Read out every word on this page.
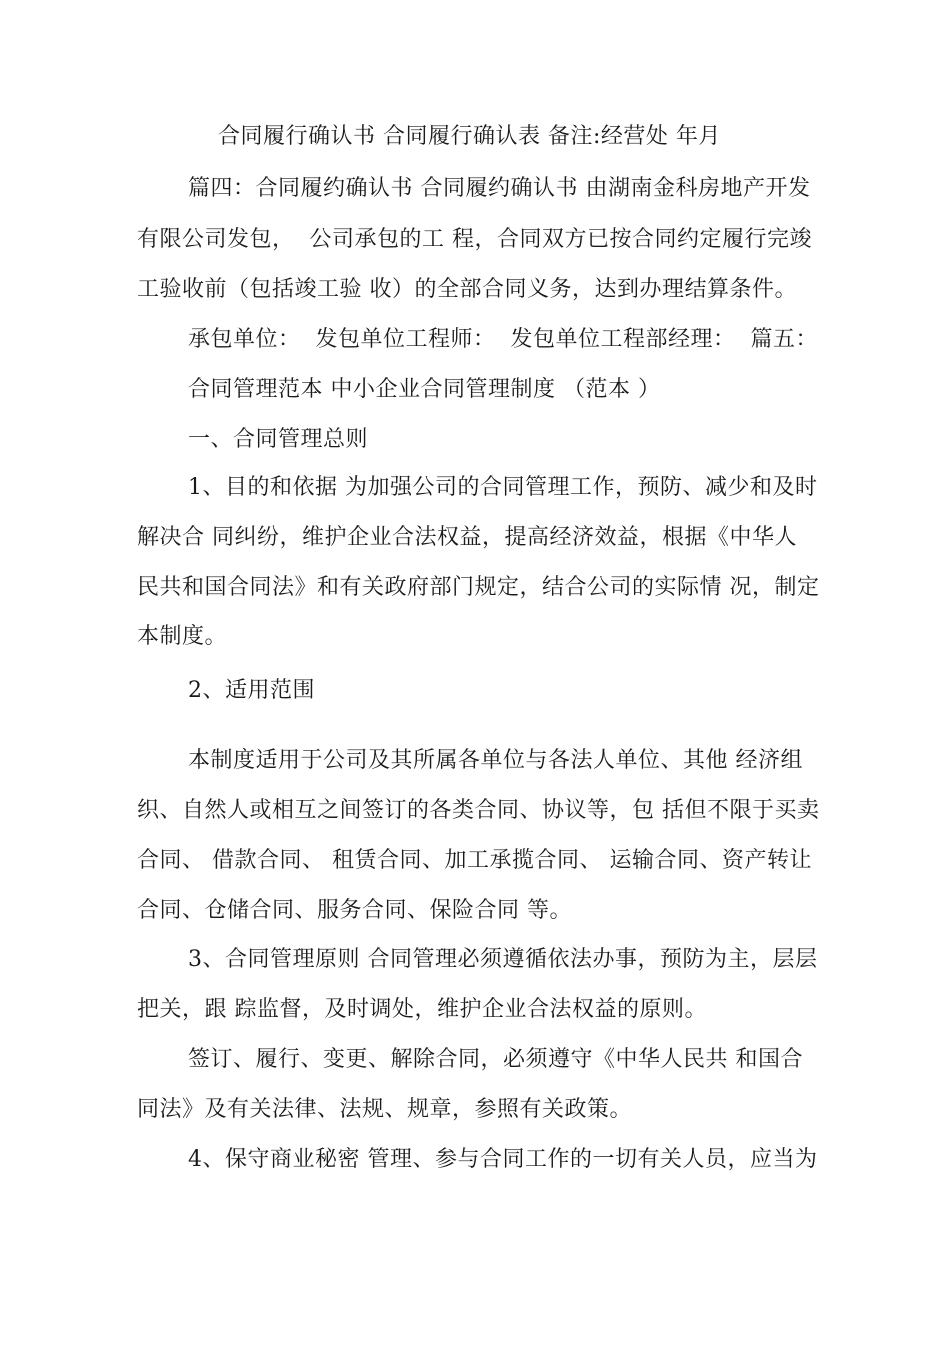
合同履行确认书 合同履行确认表 备注:经营处 年月
篇四：合同履约确认书 合同履约确认书 由湖南金科房地产开发
有限公司发包，  公司承包的工 程，合同双方已按合同约定履行完竣
工验收前（包括竣工验 收）的全部合同义务，达到办理结算条件。
承包单位：  发包单位工程师：  发包单位工程部经理：  篇五：
合同管理范本 中小企业合同管理制度 （范本 ）
一、合同管理总则
1、目的和依据 为加强公司的合同管理工作，预防、减少和及时
解决合 同纠纷，维护企业合法权益，提高经济效益，根据《中华人
民共和国合同法》和有关政府部门规定，结合公司的实际情 况，制定
本制度。
2、适用范围
本制度适用于公司及其所属各单位与各法人单位、其他 经济组
织、自然人或相互之间签订的各类合同、协议等，包 括但不限于买卖
合同、 借款合同、 租赁合同、加工承揽合同、 运输合同、资产转让
合同、仓储合同、服务合同、保险合同 等。
3、合同管理原则 合同管理必须遵循依法办事，预防为主，层层
把关，跟 踪监督，及时调处，维护企业合法权益的原则。
签订、履行、变更、解除合同，必须遵守《中华人民共 和国合
同法》及有关法律、法规、规章，参照有关政策。
4、保守商业秘密 管理、参与合同工作的一切有关人员，应当为
